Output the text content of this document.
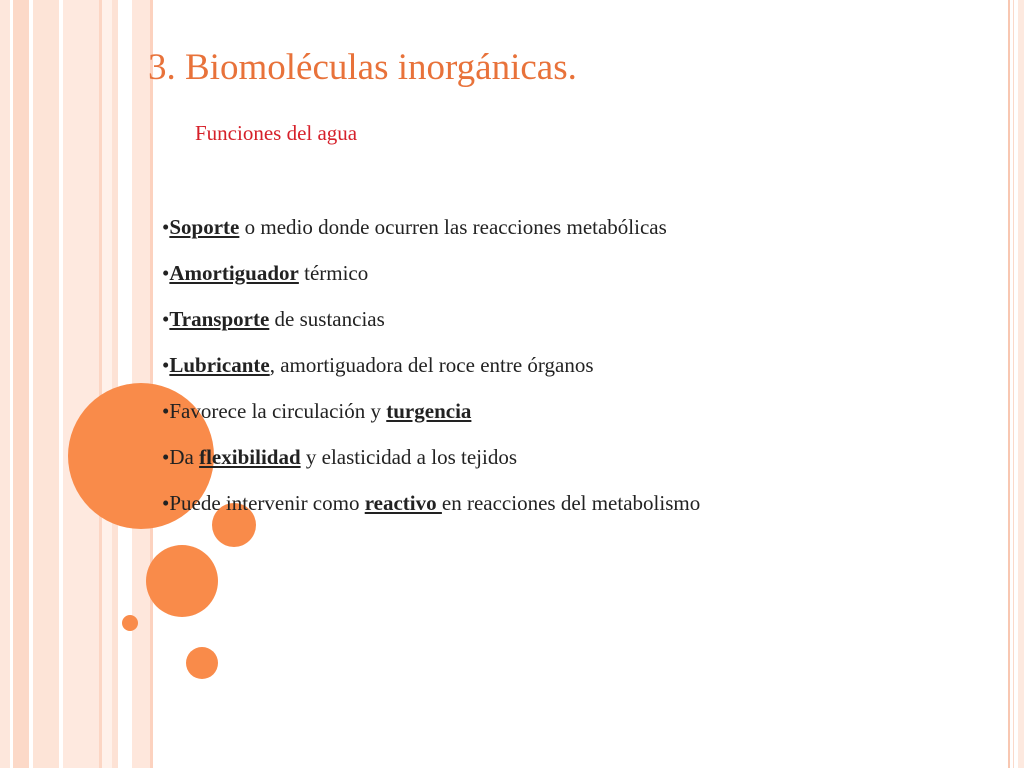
3. Biomoléculas inorgánicas.
Funciones del agua
•Soporte o medio donde ocurren las reacciones metabólicas
•Amortiguador térmico
•Transporte de sustancias
•Lubricante, amortiguadora del roce entre órganos
•Favorece la circulación y turgencia
•Da flexibilidad y elasticidad a los tejidos
•Puede intervenir como reactivo en reacciones del metabolismo
